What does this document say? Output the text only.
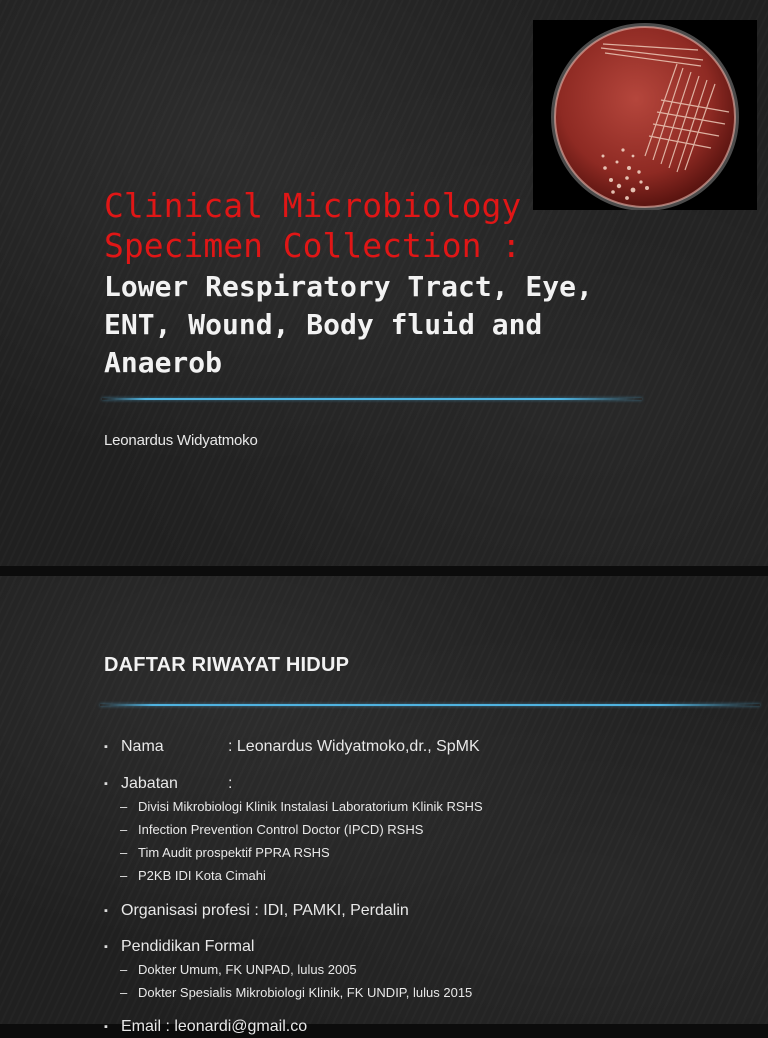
Clinical Microbiology
Specimen Collection :
Lower Respiratory Tract, Eye,
ENT, Wound, Body fluid and
Anaerob
Leonardus Widyatmoko
DAFTAR RIWAYAT HIDUP
▪ Nama	: Leonardus Widyatmoko,dr., SpMK
▪ Jabatan	:
– Divisi Mikrobiologi Klinik Instalasi Laboratorium Klinik RSHS
– Infection Prevention Control Doctor (IPCD) RSHS
– Tim Audit prospektif PPRA RSHS
– P2KB IDI Kota Cimahi
▪ Organisasi profesi : IDI, PAMKI, Perdalin
▪ Pendidikan Formal
– Dokter Umum, FK UNPAD, lulus 2005
– Dokter Spesialis Mikrobiologi Klinik, FK UNDIP, lulus 2015
▪ Email : leonardi@gmail.co
